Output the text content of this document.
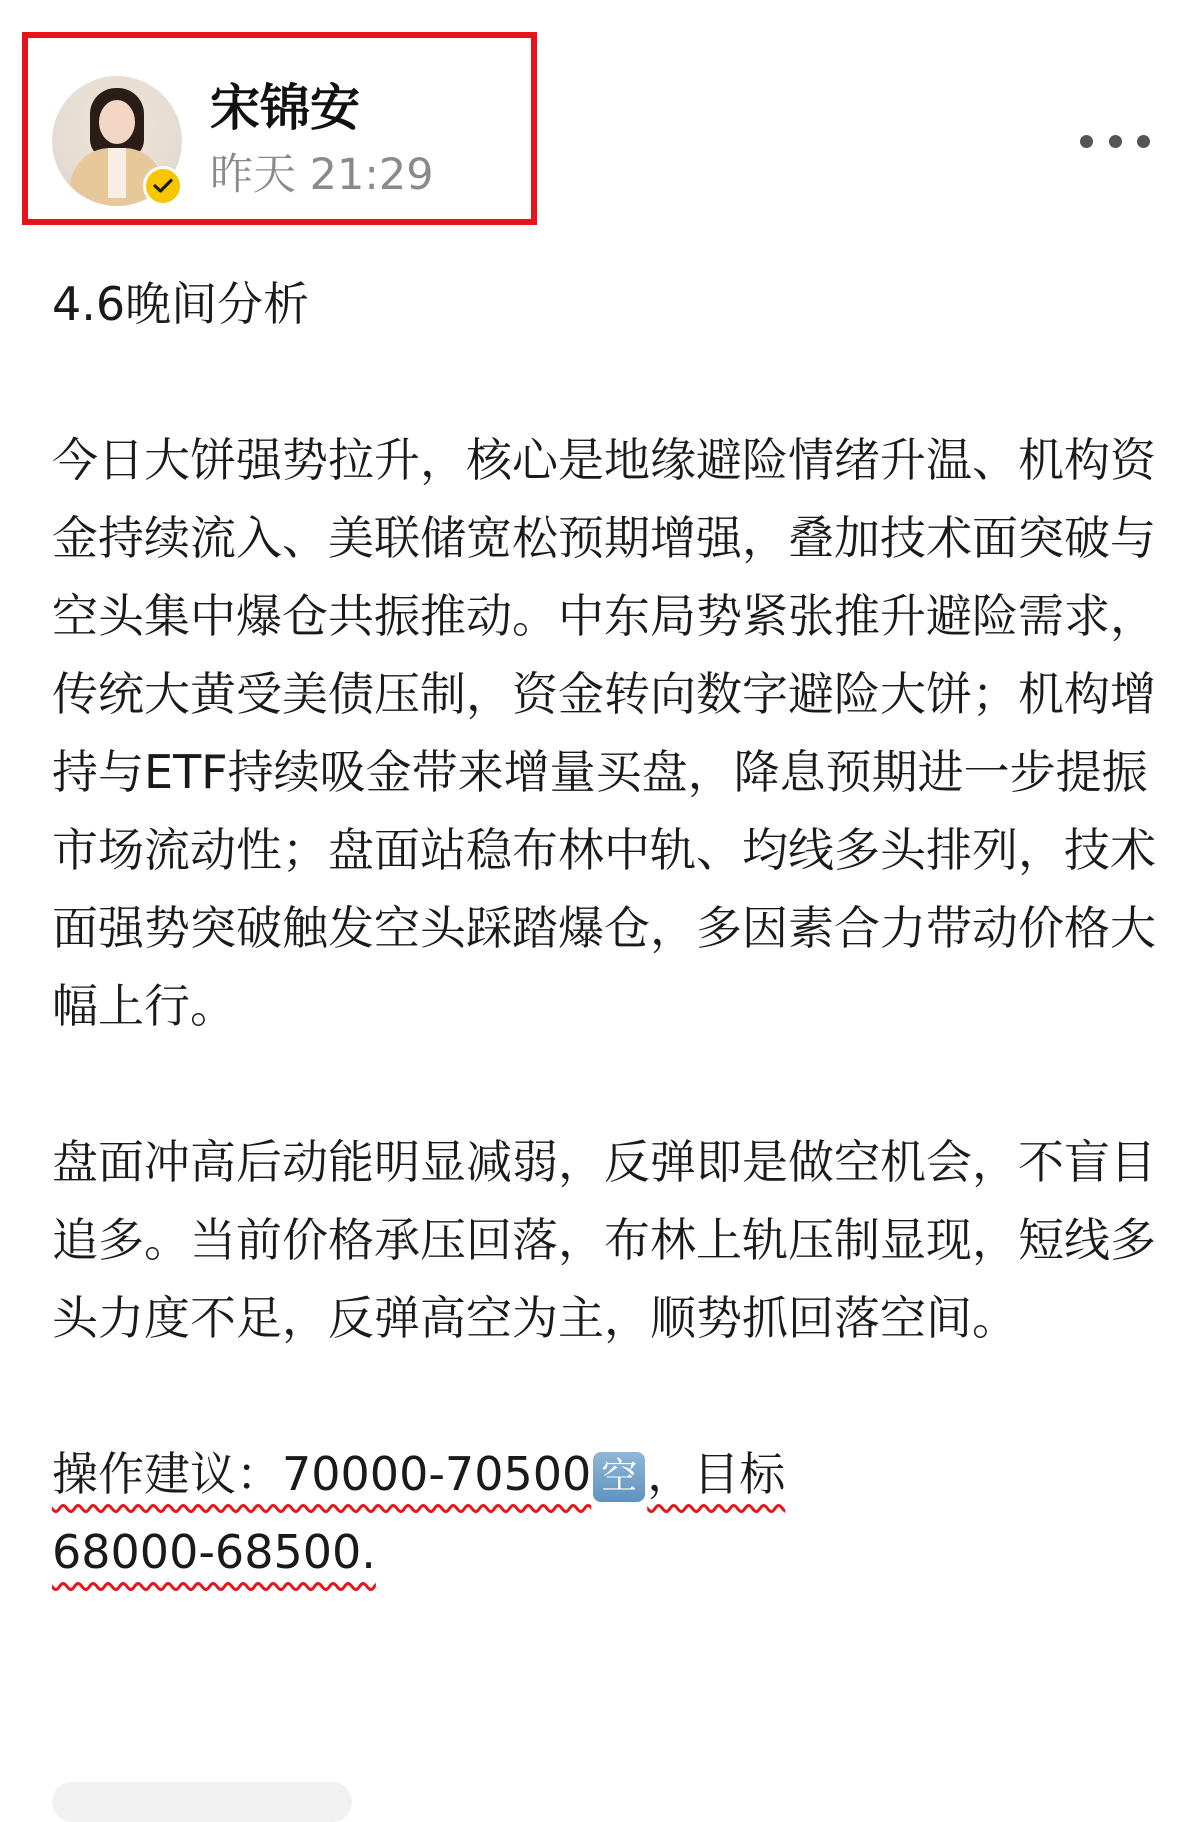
宋锦安
昨天 21:29

4.6晚间分析

今日大饼强势拉升，核心是地缘避险情绪升温、机构资金持续流入、美联储宽松预期增强，叠加技术面突破与空头集中爆仓共振推动。中东局势紧张推升避险需求，传统大黄受美债压制，资金转向数字避险大饼；机构增持与ETF持续吸金带来增量买盘，降息预期进一步提振市场流动性；盘面站稳布林中轨、均线多头排列，技术面强势突破触发空头踩踏爆仓，多因素合力带动价格大幅上行。

盘面冲高后动能明显减弱，反弹即是做空机会，不盲目追多。当前价格承压回落，布林上轨压制显现，短线多头力度不足，反弹高空为主，顺势抓回落空间。

操作建议：70000-70500 空 ，目标
68000-68500.
